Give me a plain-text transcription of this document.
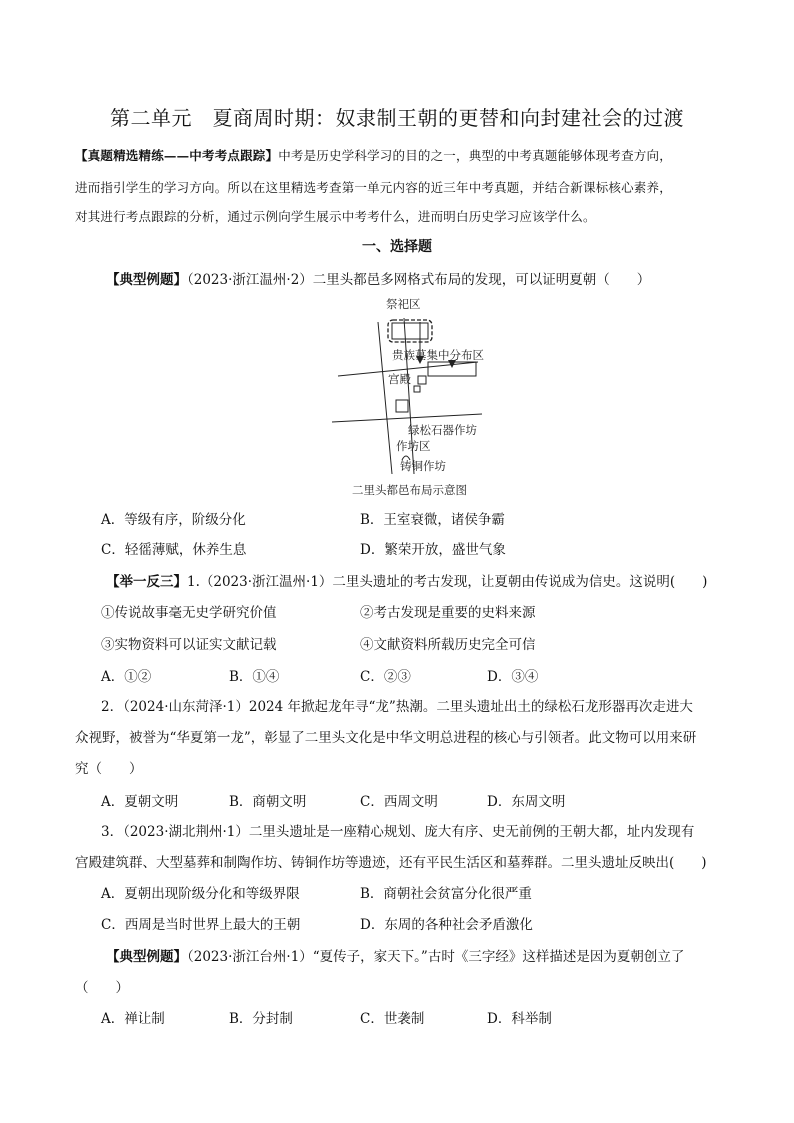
第二单元　夏商周时期：奴隶制王朝的更替和向封建社会的过渡
【真题精选精练——中考考点跟踪】中考是历史学科学习的目的之一，典型的中考真题能够体现考查方向，
进而指引学生的学习方向。所以在这里精选考查第一单元内容的近三年中考真题，并结合新课标核心素养，
对其进行考点跟踪的分析，通过示例向学生展示中考考什么，进而明白历史学习应该学什么。
一、选择题
【典型例题】（2023·浙江温州·2）二里头都邑多网格式布局的发现，可以证明夏朝（　　）
祭祀区
贵族墓集中分布区
宫殿
绿松石器作坊
作坊区
铸铜作坊
二里头都邑布局示意图
A．等级有序，阶级分化	B．王室衰微，诸侯争霸
C．轻徭薄赋，休养生息	D．繁荣开放，盛世气象
【举一反三】1.（2023·浙江温州·1）二里头遗址的考古发现，让夏朝由传说成为信史。这说明(　　)
①传说故事毫无史学研究价值	②考古发现是重要的史料来源
③实物资料可以证实文献记载	④文献资料所载历史完全可信
A．①②	B．①④	C．②③	D．③④
2．（2024·山东菏泽·1）2024 年掀起龙年寻“龙”热潮。二里头遗址出土的绿松石龙形器再次走进大
众视野，被誉为“华夏第一龙”，彰显了二里头文化是中华文明总进程的核心与引领者。此文物可以用来研
究（　　）
A．夏朝文明	B．商朝文明	C．西周文明	D．东周文明
3．（2023·湖北荆州·1）二里头遗址是一座精心规划、庞大有序、史无前例的王朝大都，址内发现有
宫殿建筑群、大型墓葬和制陶作坊、铸铜作坊等遗迹，还有平民生活区和墓葬群。二里头遗址反映出(　　)
A．夏朝出现阶级分化和等级界限	B．商朝社会贫富分化很严重
C．西周是当时世界上最大的王朝	D．东周的各种社会矛盾激化
【典型例题】（2023·浙江台州·1）“夏传子，家天下。”古时《三字经》这样描述是因为夏朝创立了
（　　）
A．禅让制	B．分封制	C．世袭制	D．科举制
